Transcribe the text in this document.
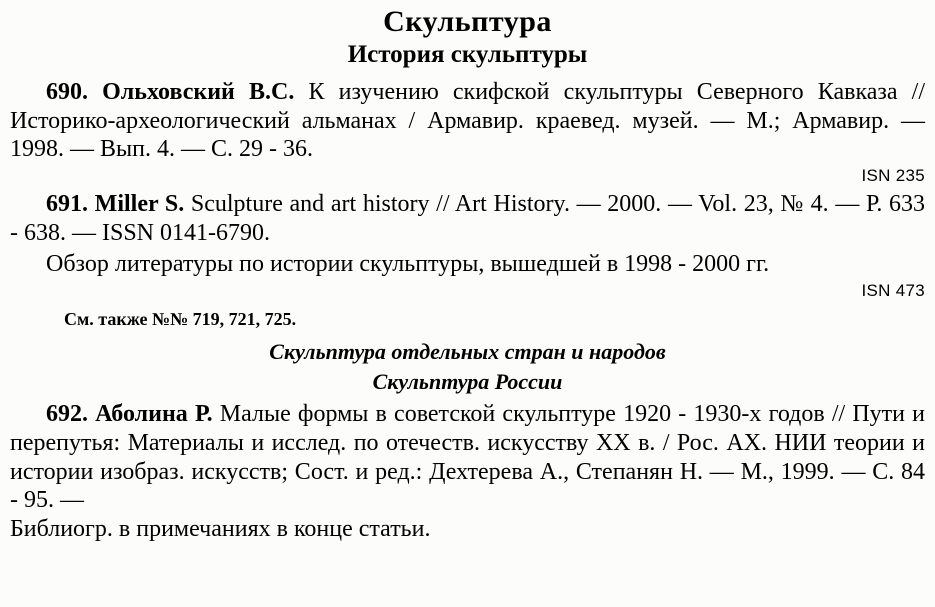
Скульптура
История скульптуры

690. Ольховский В.С. К изучению скифской скульптуры Северного Кавказа // Историко-археологический альманах / Армавир. краевед. музей. — М.; Армавир. — 1998. — Вып. 4. — С. 29 - 36.

ISN 235

691. Miller S. Sculpture and art history // Art History. — 2000. — Vol. 23, № 4. — Р. 633 - 638. — ISSN 0141-6790.

Обзор литературы по истории скульптуры, вышедшей в 1998 - 2000 гг.

ISN 473
См. также №№ 719, 721, 725.
Скульптура отдельных стран и народов
Скульптура России

692. Аболина Р. Малые формы в советской скульптуре 1920 - 1930-х годов // Пути и перепутья: Материалы и исслед. по отечеств. искусству XX в. / Рос. АХ. НИИ теории и истории изобраз. искусств; Сост. и ред.: Дехтерева А., Степанян Н. — М., 1999. — С. 84 - 95. —

Библиогр. в примечаниях в конце статьи.
